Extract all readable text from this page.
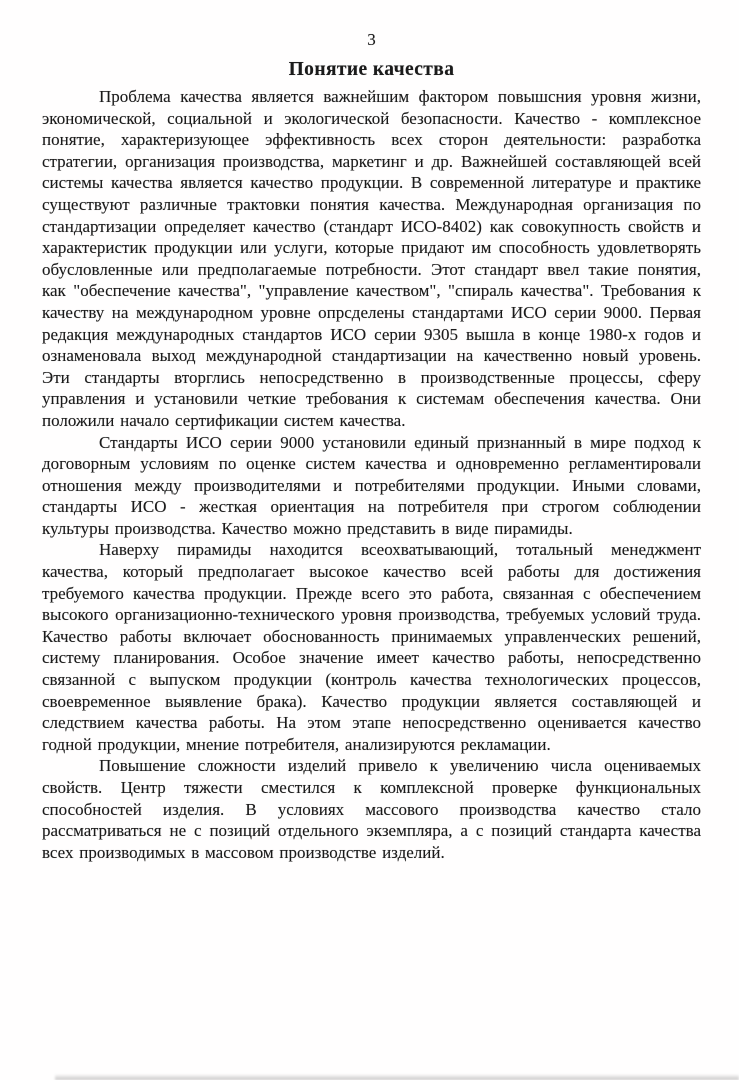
3
Понятие качества

Проблема качества является важнейшим фактором повышсния уровня жизни, экономической, социальной и экологической безопасности. Качество - комплексное понятие, характеризующее эффективность всех сторон деятельности: разработка стратегии, организация производства, маркетинг и др. Важнейшей составляющей всей системы качества является качество продукции. В современной литературе и практике существуют различные трактовки понятия качества. Международная организация по стандартизации определяет качество (стандарт ИСО-8402) как совокупность свойств и характеристик продукции или услуги, которые придают им способность удовлетворять обусловленные или предполагаемые потребности. Этот стандарт ввел такие понятия, как "обеспечение качества", "управление качеством", "спираль качества". Требования к качеству на международном уровне опрсделены стандартами ИСО серии 9000. Первая редакция международных стандартов ИСО серии 9305 вышла в конце 1980-х годов и ознаменовала выход международной стандартизации на качественно новый уровень. Эти стандарты вторглись непосредственно в производственные процессы, сферу управления и установили четкие требования к системам обеспечения качества. Они положили начало сертификации систем качества.

Стандарты ИСО серии 9000 установили единый признанный в мире подход к договорным условиям по оценке систем качества и одновременно регламентировали отношения между производителями и потребителями продукции. Иными словами, стандарты ИСО - жесткая ориентация на потребителя при строгом соблюдении культуры производства. Качество можно представить в виде пирамиды.

Наверху пирамиды находится всеохватывающий, тотальный менеджмент качества, который предполагает высокое качество всей работы для достижения требуемого качества продукции. Прежде всего это работа, связанная с обеспечением высокого организационно-технического уровня производства, требуемых условий труда. Качество работы включает обоснованность принимаемых управленческих решений, систему планирования. Особое значение имеет качество работы, непосредственно связанной с выпуском продукции (контроль качества технологических процессов, своевременное выявление брака). Качество продукции является составляющей и следствием качества работы. На этом этапе непосредственно оценивается качество годной продукции, мнение потребителя, анализируются рекламации.

Повышение сложности изделий привело к увеличению числа оцениваемых свойств. Центр тяжести сместился к комплексной проверке функциональных способностей изделия. В условиях массового производства качество стало рассматриваться не с позиций отдельного экземпляра, а с позиций стандарта качества всех производимых в массовом производстве изделий.
